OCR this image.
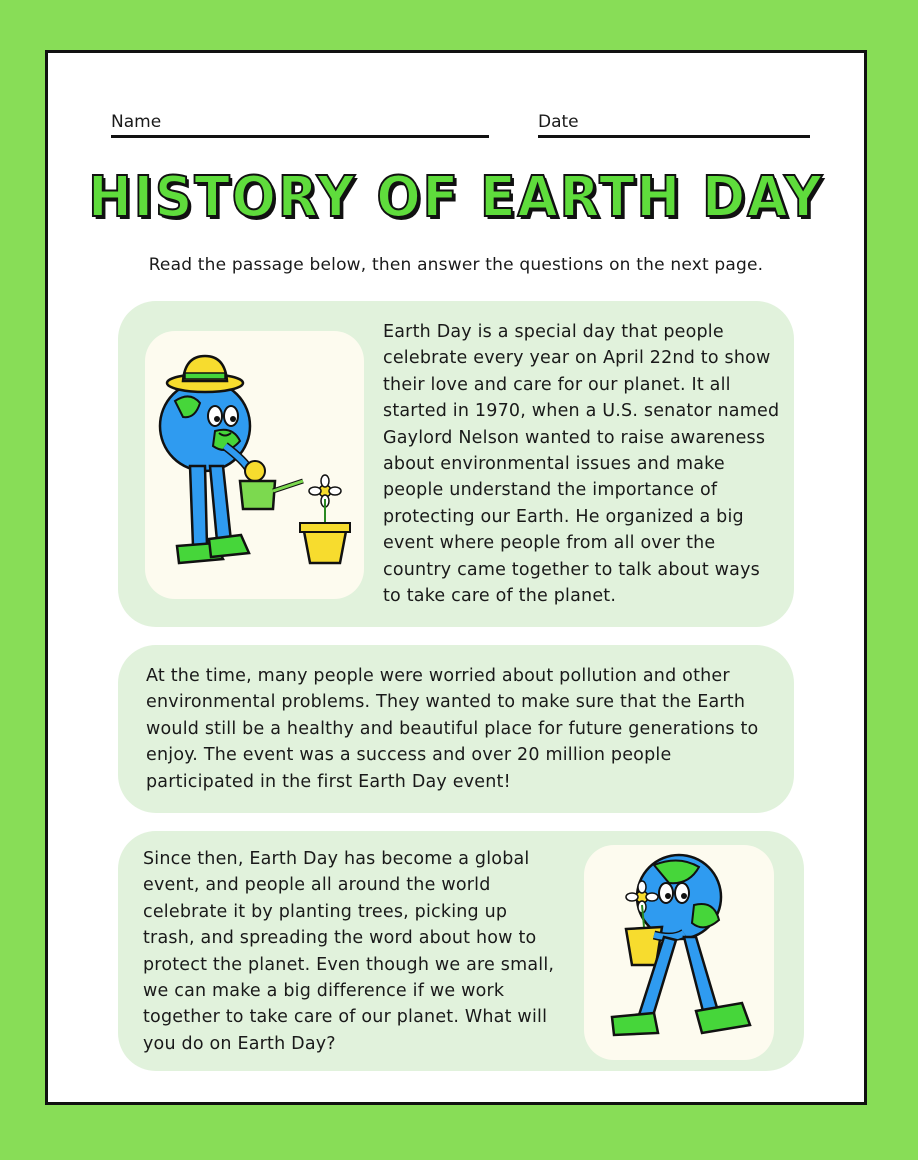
Name	Date
HISTORY OF EARTH DAY
Read the passage below, then answer the questions on the next page.
Earth Day is a special day that people celebrate every year on April 22nd to show their love and care for our planet. It all started in 1970, when a U.S. senator named Gaylord Nelson wanted to raise awareness about environmental issues and make people understand the importance of protecting our Earth. He organized a big event where people from all over the country came together to talk about ways to take care of the planet.
At the time, many people were worried about pollution and other environmental problems. They wanted to make sure that the Earth would still be a healthy and beautiful place for future generations to enjoy. The event was a success and over 20 million people participated in the first Earth Day event!
Since then, Earth Day has become a global event, and people all around the world celebrate it by planting trees, picking up trash, and spreading the word about how to protect the planet. Even though we are small, we can make a big difference if we work together to take care of our planet. What will you do on Earth Day?
